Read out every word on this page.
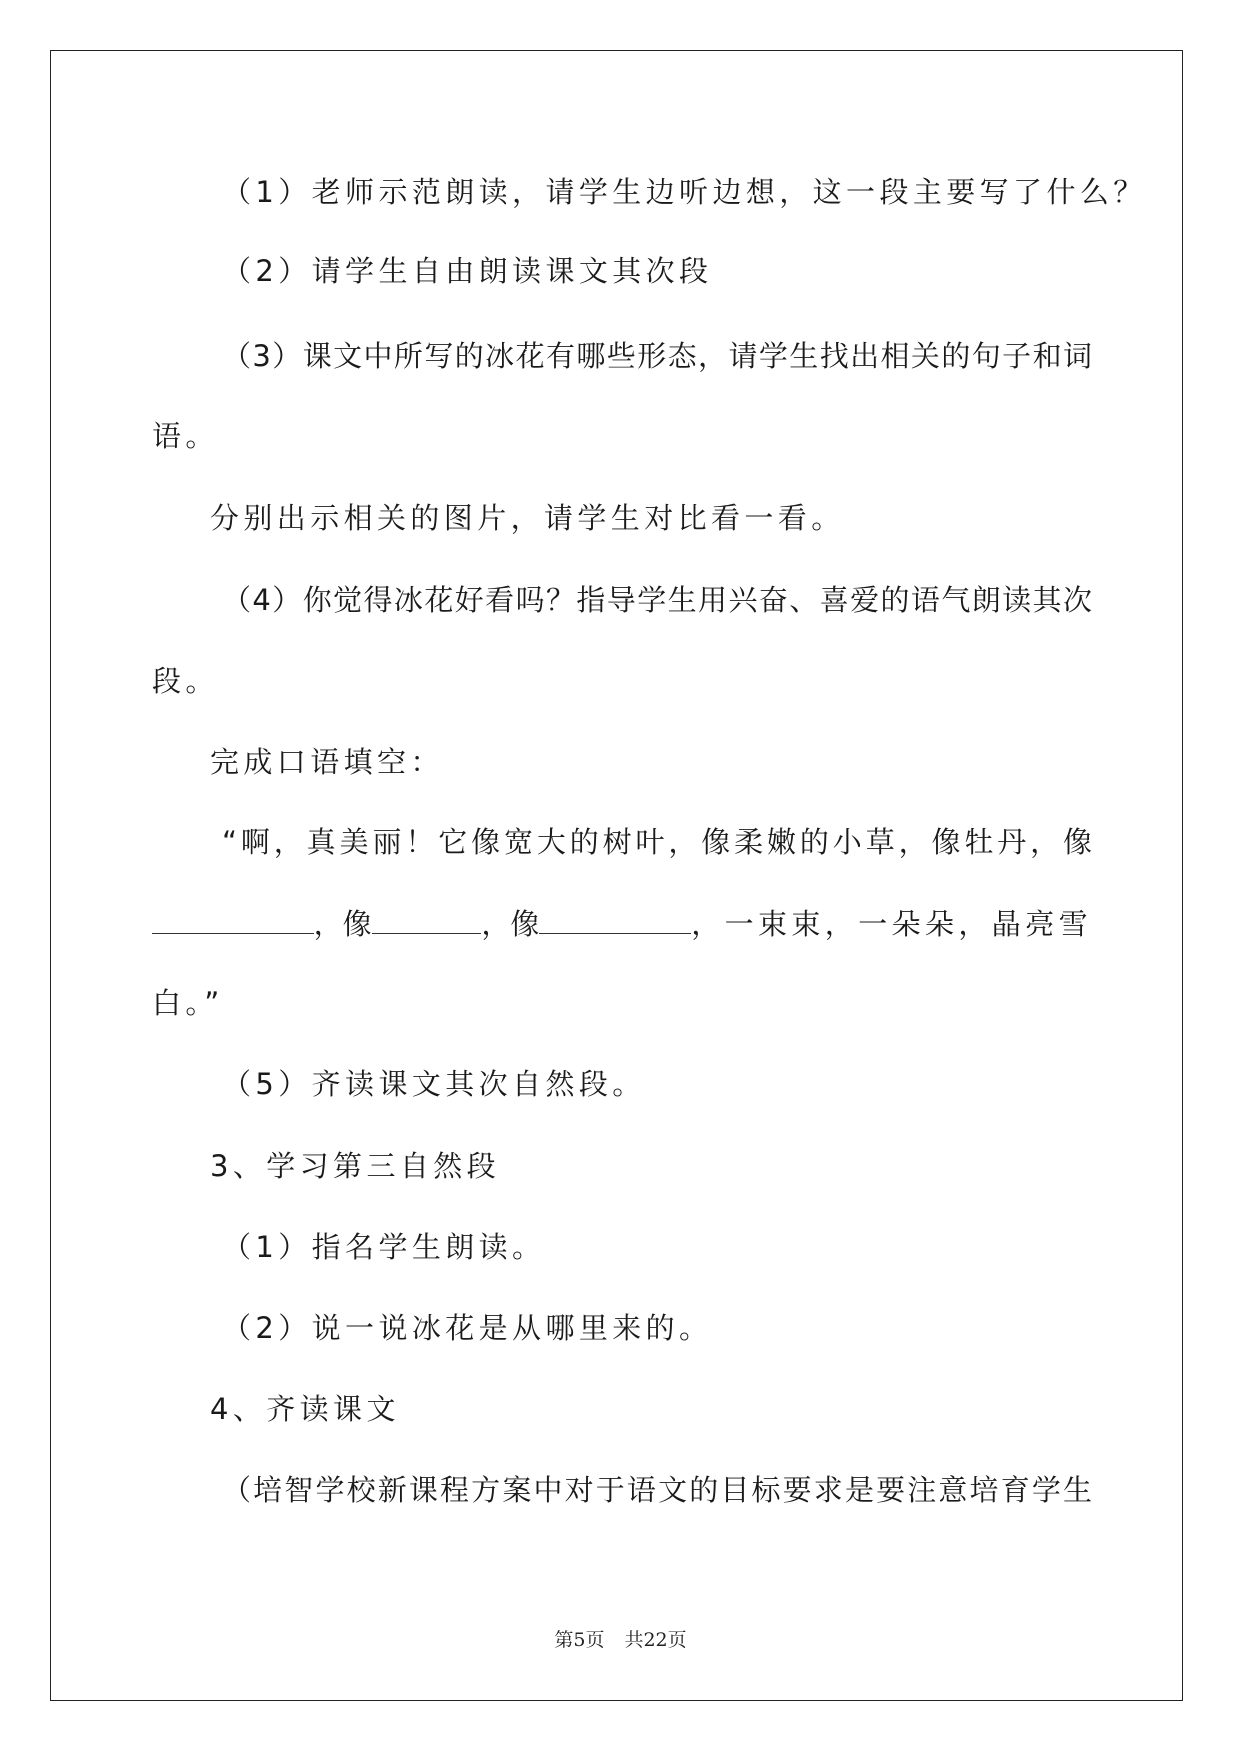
（1）老师示范朗读，请学生边听边想，这一段主要写了什么？
（2）请学生自由朗读课文其次段
（3）课文中所写的冰花有哪些形态，请学生找出相关的句子和词
语。
分别出示相关的图片，请学生对比看一看。
（4）你觉得冰花好看吗？指导学生用兴奋、喜爱的语气朗读其次
段。
完成口语填空：
“啊，真美丽！它像宽大的树叶，像柔嫩的小草，像牡丹，像
，像	，像	，一束束，一朵朵，晶亮雪
白。”
（5）齐读课文其次自然段。
3、学习第三自然段
（1）指名学生朗读。
（2）说一说冰花是从哪里来的。
4、齐读课文
（培智学校新课程方案中对于语文的目标要求是要注意培育学生
第5页 共22页
